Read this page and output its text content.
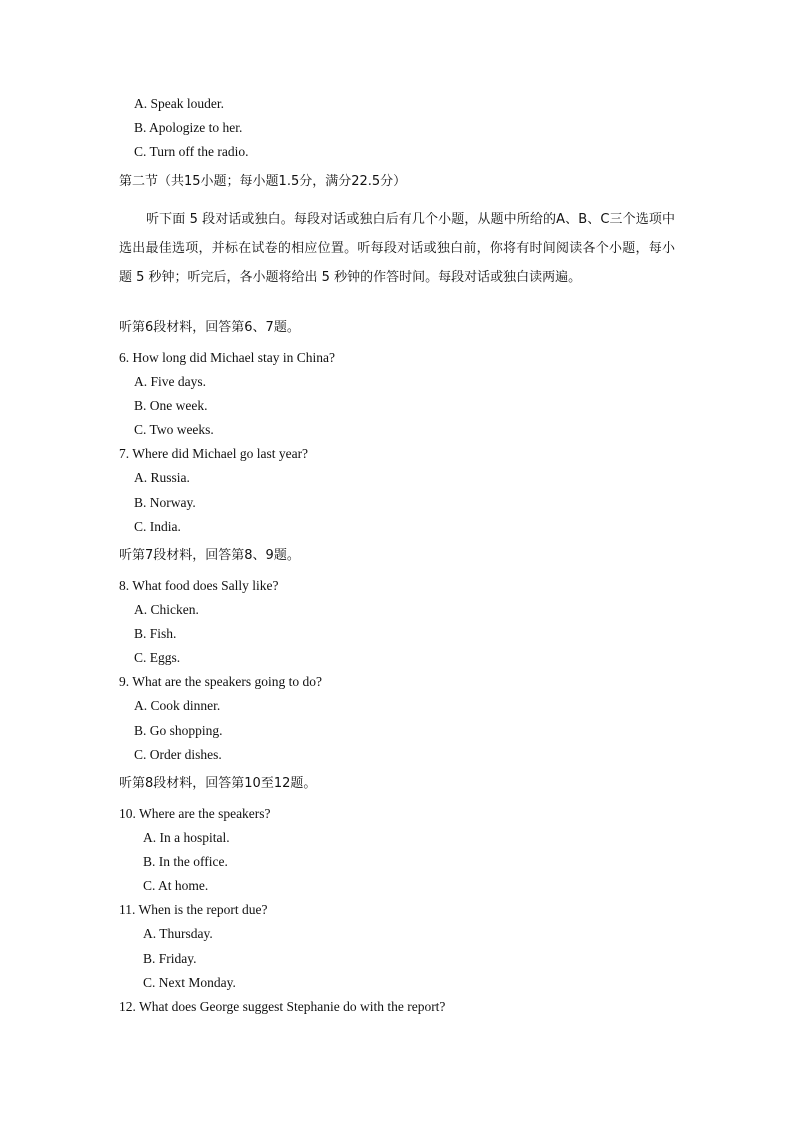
A. Speak louder.
B. Apologize to her.
C. Turn off the radio.
第二节（共15小题；每小题1.5分，满分22.5分）
听下面 5 段对话或独白。每段对话或独白后有几个小题，从题中所给的A、B、C三个选项中选出最佳选项，并标在试卷的相应位置。听每段对话或独白前，你将有时间阅读各个小题，每小题 5 秒钟；听完后，各小题将给出 5 秒钟的作答时间。每段对话或独白读两遍。
听第6段材料，回答第6、7题。
6. How long did Michael stay in China?
A. Five days.
B. One week.
C. Two weeks.
7. Where did Michael go last year?
A. Russia.
B. Norway.
C. India.
听第7段材料，回答第8、9题。
8. What food does Sally like?
A. Chicken.
B. Fish.
C. Eggs.
9. What are the speakers going to do?
A. Cook dinner.
B. Go shopping.
C. Order dishes.
听第8段材料，回答第10至12题。
10. Where are the speakers?
A. In a hospital.
B. In the office.
C. At home.
11. When is the report due?
A. Thursday.
B. Friday.
C. Next Monday.
12. What does George suggest Stephanie do with the report?
